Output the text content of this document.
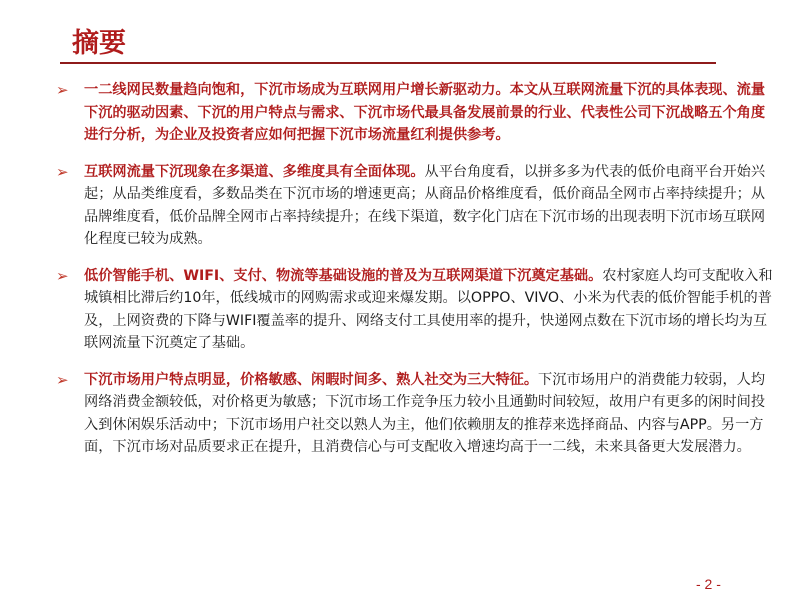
摘要
➢	一二线网民数量趋向饱和，下沉市场成为互联网用户增长新驱动力。本文从互联网流量下沉的具体表现、流量下沉的驱动因素、下沉的用户特点与需求、下沉市场代最具备发展前景的行业、代表性公司下沉战略五个角度进行分析，为企业及投资者应如何把握下沉市场流量红利提供参考。
➢	互联网流量下沉现象在多渠道、多维度具有全面体现。从平台角度看，以拼多多为代表的低价电商平台开始兴起；从品类维度看，多数品类在下沉市场的增速更高；从商品价格维度看，低价商品全网市占率持续提升；从品牌维度看，低价品牌全网市占率持续提升；在线下渠道，数字化门店在下沉市场的出现表明下沉市场互联网化程度已较为成熟。
➢	低价智能手机、WIFI、支付、物流等基础设施的普及为互联网渠道下沉奠定基础。农村家庭人均可支配收入和城镇相比滞后约10年，低线城市的网购需求或迎来爆发期。以OPPO、VIVO、小米为代表的低价智能手机的普及，上网资费的下降与WIFI覆盖率的提升、网络支付工具使用率的提升，快递网点数在下沉市场的增长均为互联网流量下沉奠定了基础。
➢	下沉市场用户特点明显，价格敏感、闲暇时间多、熟人社交为三大特征。下沉市场用户的消费能力较弱，人均网络消费金额较低，对价格更为敏感；下沉市场工作竞争压力较小且通勤时间较短，故用户有更多的闲时间投入到休闲娱乐活动中；下沉市场用户社交以熟人为主，他们依赖朋友的推荐来选择商品、内容与APP。另一方面，下沉市场对品质要求正在提升，且消费信心与可支配收入增速均高于一二线，未来具备更大发展潜力。
- 2 -
